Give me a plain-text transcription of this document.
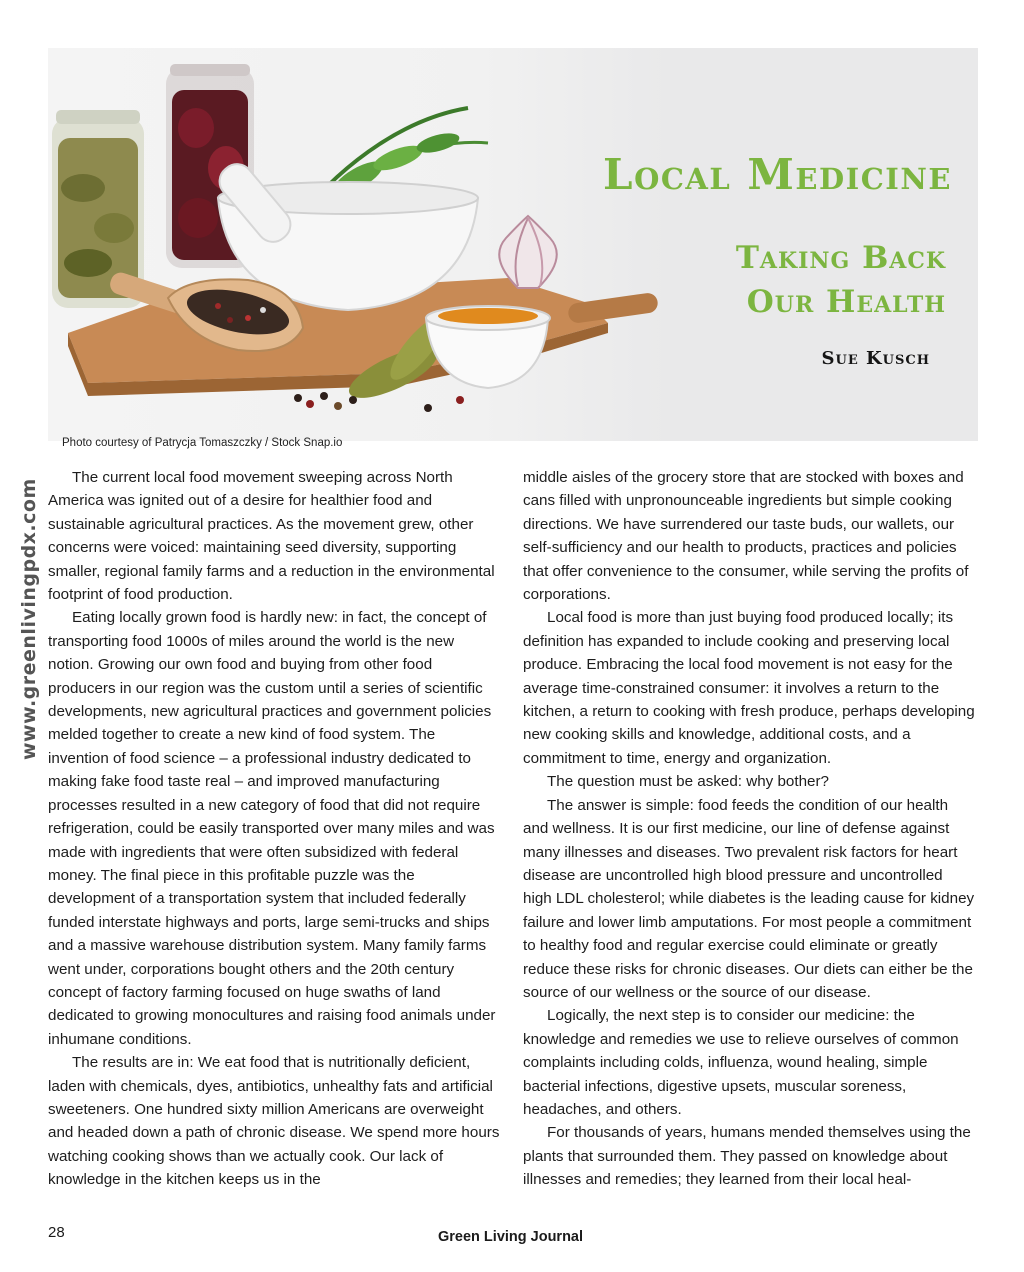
Local Medicine
Taking Back
Our Health
Sue Kusch
Photo courtesy of Patrycja Tomaszczky / Stock Snap.io
www.greenlivingpdx.com

The current local food movement sweeping across North America was ignited out of a desire for healthier food and sustainable agricultural practices. As the movement grew, other concerns were voiced: maintaining seed diversity, supporting smaller, regional family farms and a reduction in the environmental footprint of food production.

Eating locally grown food is hardly new: in fact, the concept of transporting food 1000s of miles around the world is the new notion. Growing our own food and buying from other food producers in our region was the custom until a series of scientific developments, new agricultural practices and government policies melded together to create a new kind of food system. The invention of food science – a professional industry dedicated to making fake food taste real – and improved manufacturing processes resulted in a new category of food that did not require refrigeration, could be easily transported over many miles and was made with ingredients that were often subsidized with federal money. The final piece in this profitable puzzle was the development of a transportation system that included federally funded interstate highways and ports, large semi-trucks and ships and a massive warehouse distribution system. Many family farms went under, corporations bought others and the 20th century concept of factory farming focused on huge swaths of land dedicated to growing monocultures and raising food animals under inhumane conditions.

The results are in: We eat food that is nutritionally deficient, laden with chemicals, dyes, antibiotics, unhealthy fats and artificial sweeteners. One hundred sixty million Americans are overweight and headed down a path of chronic disease. We spend more hours watching cooking shows than we actually cook. Our lack of knowledge in the kitchen keeps us in the

middle aisles of the grocery store that are stocked with boxes and cans filled with unpronounceable ingredients but simple cooking directions. We have surrendered our taste buds, our wallets, our self-sufficiency and our health to products, practices and policies that offer convenience to the consumer, while serving the profits of corporations.

Local food is more than just buying food produced locally; its definition has expanded to include cooking and preserving local produce. Embracing the local food movement is not easy for the average time-constrained consumer: it involves a return to the kitchen, a return to cooking with fresh produce, perhaps developing new cooking skills and knowledge, additional costs, and a commitment to time, energy and organization.

The question must be asked: why bother?

The answer is simple: food feeds the condition of our health and wellness. It is our first medicine, our line of defense against many illnesses and diseases. Two prevalent risk factors for heart disease are uncontrolled high blood pressure and uncontrolled high LDL cholesterol; while diabetes is the leading cause for kidney failure and lower limb amputations. For most people a commitment to healthy food and regular exercise could eliminate or greatly reduce these risks for chronic diseases. Our diets can either be the source of our wellness or the source of our disease.

Logically, the next step is to consider our medicine: the knowledge and remedies we use to relieve ourselves of common complaints including colds, influenza, wound healing, simple bacterial infections, digestive upsets, muscular soreness, headaches, and others.

For thousands of years, humans mended themselves using the plants that surrounded them. They passed on knowledge about illnesses and remedies; they learned from their local heal-

28	Green Living Journal
